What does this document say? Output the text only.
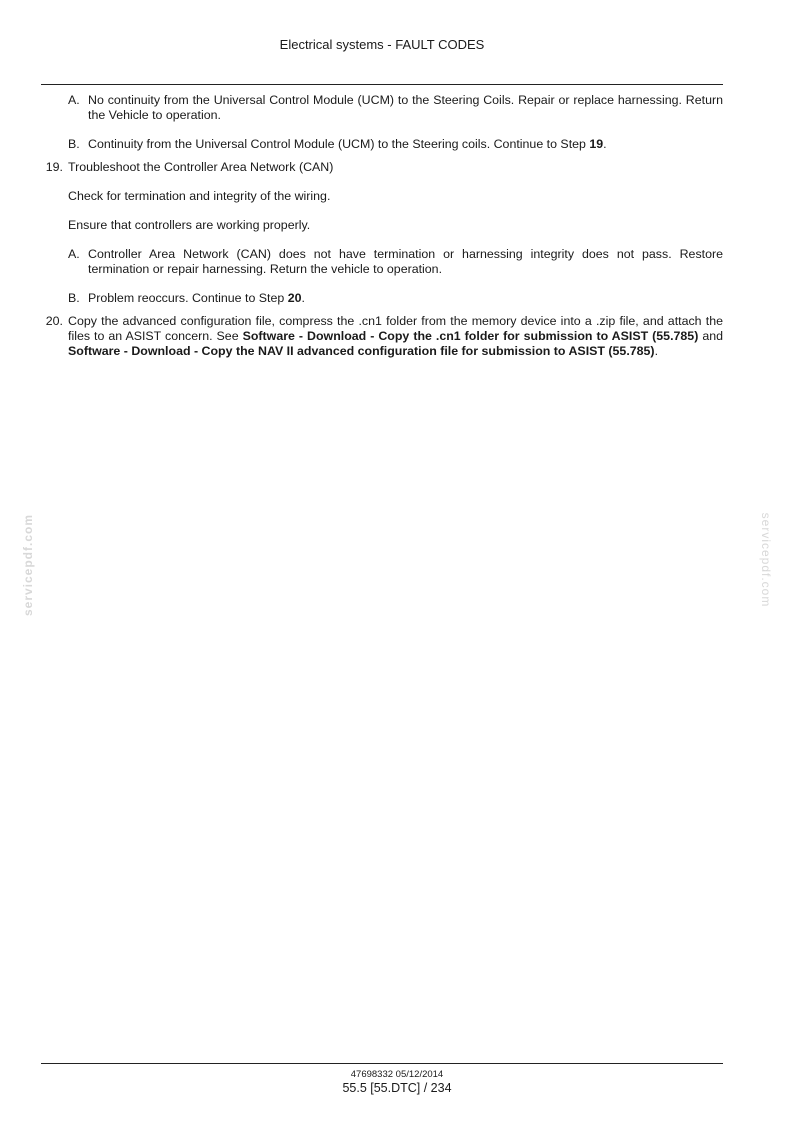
Electrical systems - FAULT CODES
A. No continuity from the Universal Control Module (UCM) to the Steering Coils. Repair or replace harnessing. Return the Vehicle to operation.
B. Continuity from the Universal Control Module (UCM) to the Steering coils. Continue to Step 19.
19. Troubleshoot the Controller Area Network (CAN)
Check for termination and integrity of the wiring.
Ensure that controllers are working properly.
A. Controller Area Network (CAN) does not have termination or harnessing integrity does not pass. Restore termination or repair harnessing. Return the vehicle to operation.
B. Problem reoccurs. Continue to Step 20.
20. Copy the advanced configuration file, compress the .cn1 folder from the memory device into a .zip file, and attach the files to an ASIST concern. See Software - Download - Copy the .cn1 folder for submission to ASIST (55.785) and Software - Download - Copy the NAV II advanced configuration file for submission to ASIST (55.785).
servicepdf.com	servicepdf.com
47698332 05/12/2014
55.5 [55.DTC] / 234
